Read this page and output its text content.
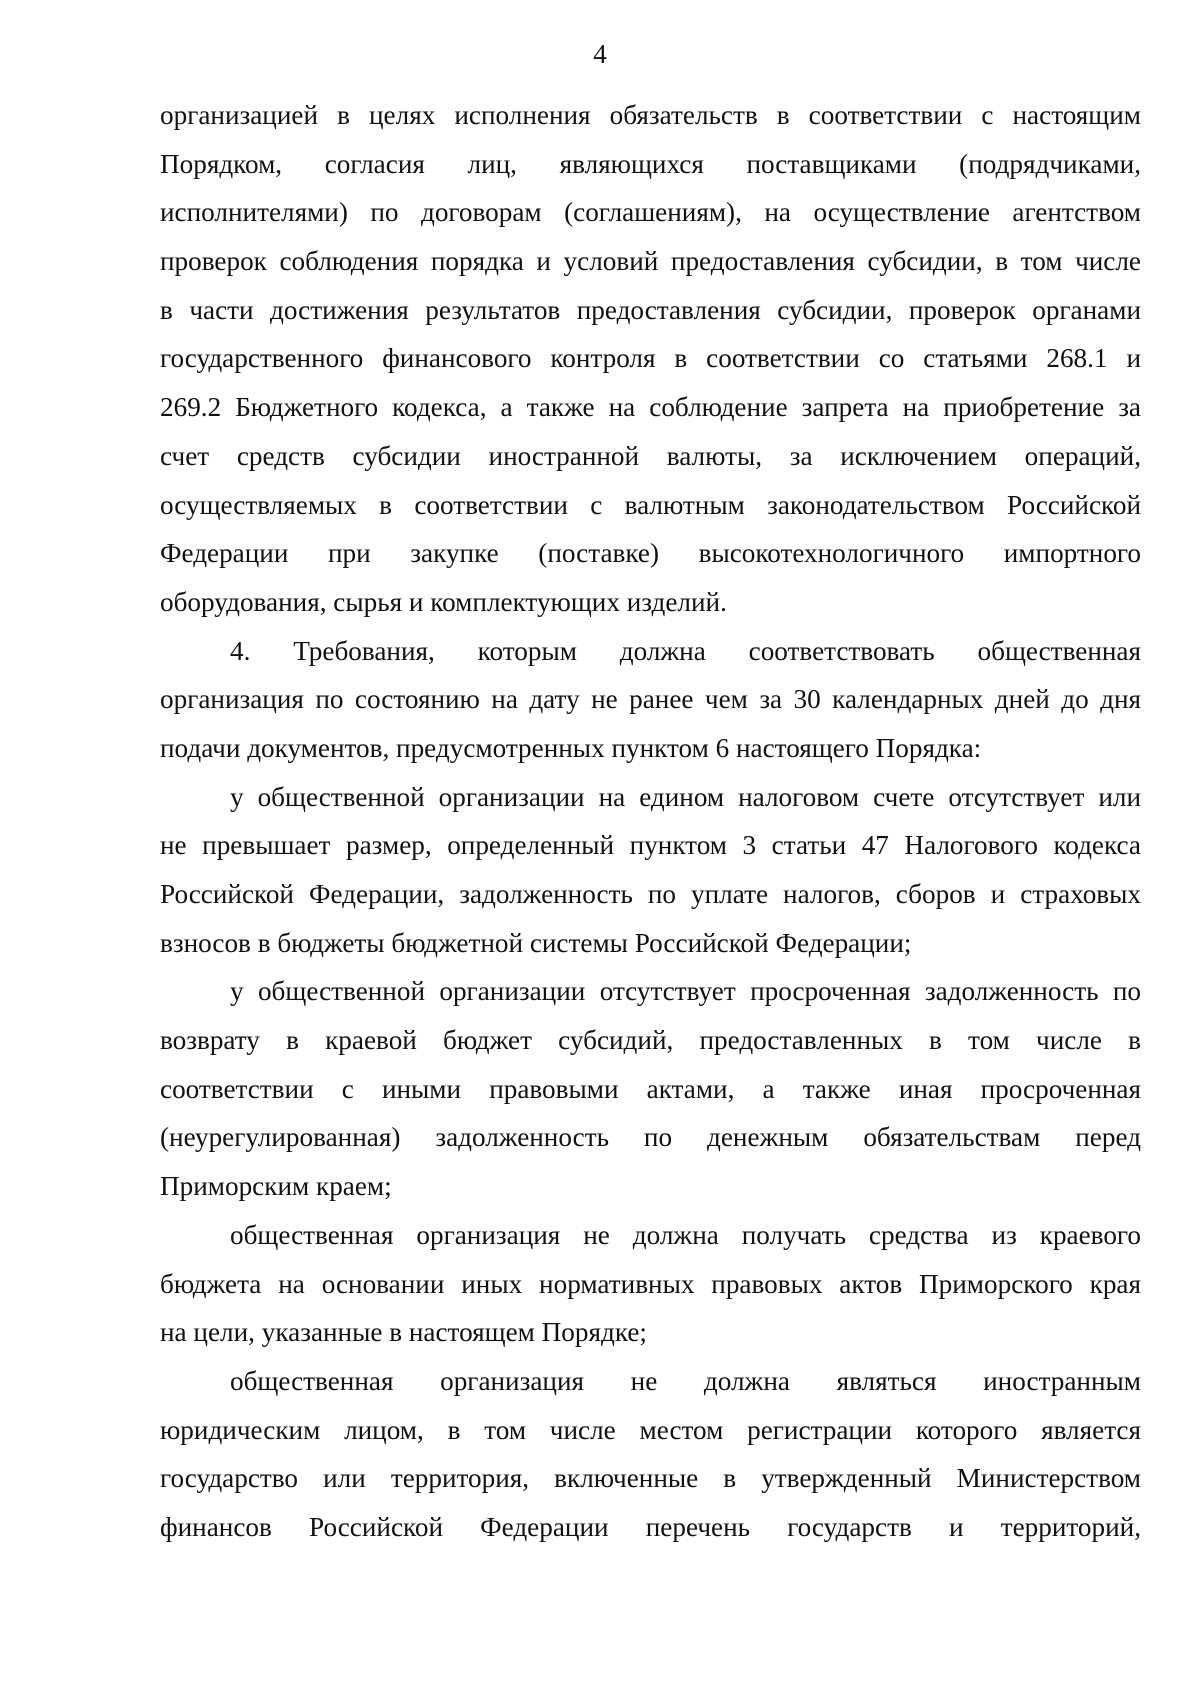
4
организацией в целях исполнения обязательств в соответствии с настоящим
Порядком, согласия лиц, являющихся поставщиками (подрядчиками,
исполнителями) по договорам (соглашениям), на осуществление агентством
проверок соблюдения порядка и условий предоставления субсидии, в том числе
в части достижения результатов предоставления субсидии, проверок органами
государственного финансового контроля в соответствии со статьями 268.1 и
269.2 Бюджетного кодекса, а также на соблюдение запрета на приобретение за
счет средств субсидии иностранной валюты, за исключением операций,
осуществляемых в соответствии с валютным законодательством Российской
Федерации при закупке (поставке) высокотехнологичного импортного
оборудования, сырья и комплектующих изделий.
4. Требования, которым должна соответствовать общественная
организация по состоянию на дату не ранее чем за 30 календарных дней до дня
подачи документов, предусмотренных пунктом 6 настоящего Порядка:
у общественной организации на едином налоговом счете отсутствует или
не превышает размер, определенный пунктом 3 статьи 47 Налогового кодекса
Российской Федерации, задолженность по уплате налогов, сборов и страховых
взносов в бюджеты бюджетной системы Российской Федерации;
у общественной организации отсутствует просроченная задолженность по
возврату в краевой бюджет субсидий, предоставленных в том числе в
соответствии с иными правовыми актами, а также иная просроченная
(неурегулированная) задолженность по денежным обязательствам перед
Приморским краем;
общественная организация не должна получать средства из краевого
бюджета на основании иных нормативных правовых актов Приморского края
на цели, указанные в настоящем Порядке;
общественная организация не должна являться иностранным
юридическим лицом, в том числе местом регистрации которого является
государство или территория, включенные в утвержденный Министерством
финансов Российской Федерации перечень государств и территорий,
